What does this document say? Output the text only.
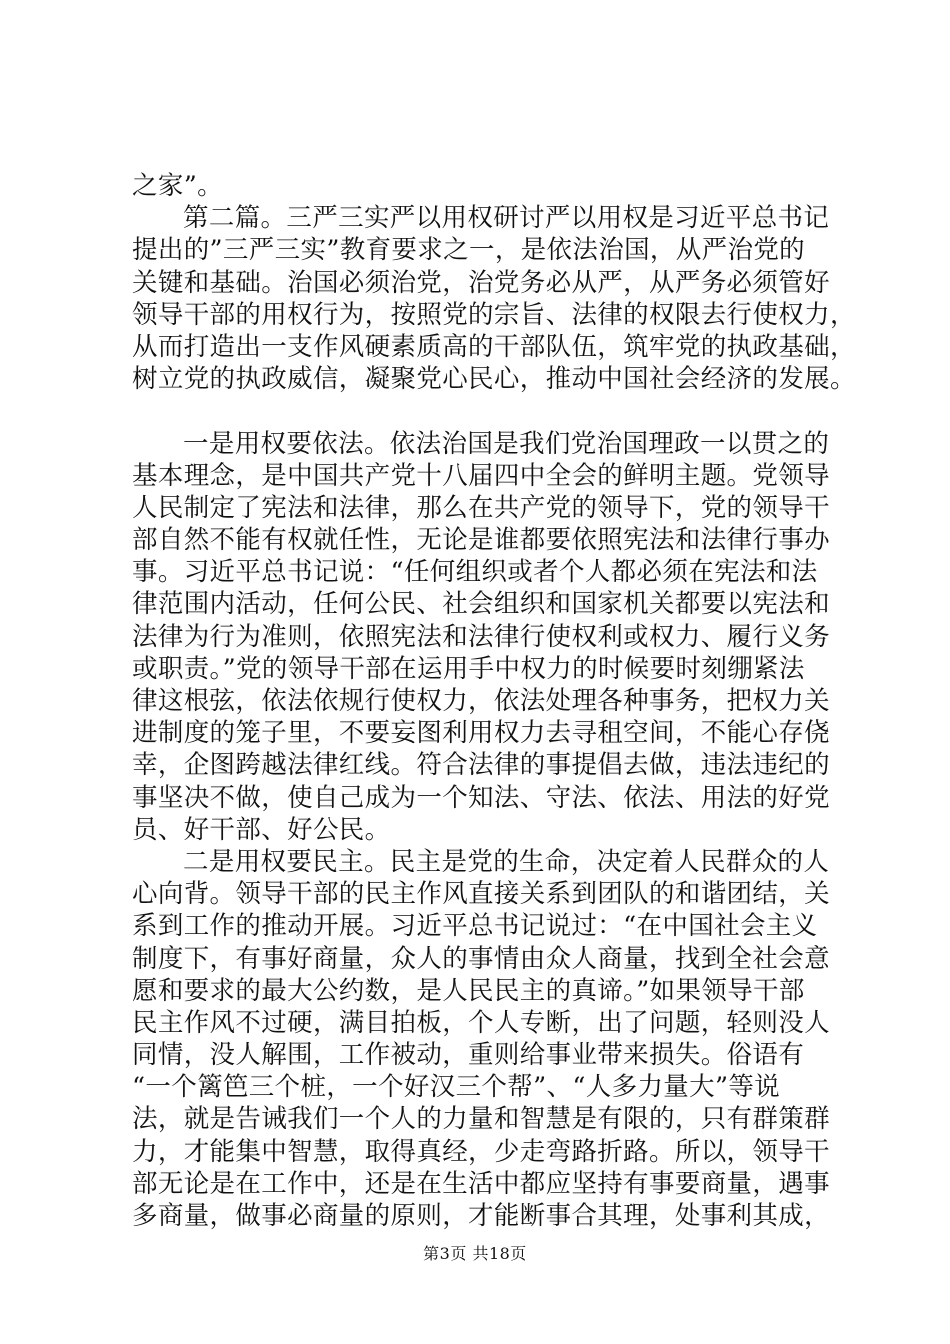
之家”。
第二篇。三严三实严以用权研讨严以用权是习近平总书记
提出的”三严三实”教育要求之一，是依法治国，从严治党的
关键和基础。治国必须治党，治党务必从严，从严务必须管好
领导干部的用权行为，按照党的宗旨、法律的权限去行使权力，
从而打造出一支作风硬素质高的干部队伍，筑牢党的执政基础，
树立党的执政威信，凝聚党心民心，推动中国社会经济的发展。
一是用权要依法。依法治国是我们党治国理政一以贯之的
基本理念，是中国共产党十八届四中全会的鲜明主题。党领导
人民制定了宪法和法律，那么在共产党的领导下，党的领导干
部自然不能有权就任性，无论是谁都要依照宪法和法律行事办
事。习近平总书记说：“任何组织或者个人都必须在宪法和法
律范围内活动，任何公民、社会组织和国家机关都要以宪法和
法律为行为准则，依照宪法和法律行使权利或权力、履行义务
或职责。”党的领导干部在运用手中权力的时候要时刻绷紧法
律这根弦，依法依规行使权力，依法处理各种事务，把权力关
进制度的笼子里，不要妄图利用权力去寻租空间，不能心存侥
幸，企图跨越法律红线。符合法律的事提倡去做，违法违纪的
事坚决不做，使自己成为一个知法、守法、依法、用法的好党
员、好干部、好公民。
二是用权要民主。民主是党的生命，决定着人民群众的人
心向背。领导干部的民主作风直接关系到团队的和谐团结，关
系到工作的推动开展。习近平总书记说过：“在中国社会主义
制度下，有事好商量，众人的事情由众人商量，找到全社会意
愿和要求的最大公约数，是人民民主的真谛。”如果领导干部
民主作风不过硬，满目拍板，个人专断，出了问题，轻则没人
同情，没人解围，工作被动，重则给事业带来损失。俗语有
“一个篱笆三个桩，一个好汉三个帮”、“人多力量大”等说
法，就是告诫我们一个人的力量和智慧是有限的，只有群策群
力，才能集中智慧，取得真经，少走弯路折路。所以，领导干
部无论是在工作中，还是在生活中都应坚持有事要商量，遇事
多商量，做事必商量的原则，才能断事合其理，处事利其成，
第3页 共18页
